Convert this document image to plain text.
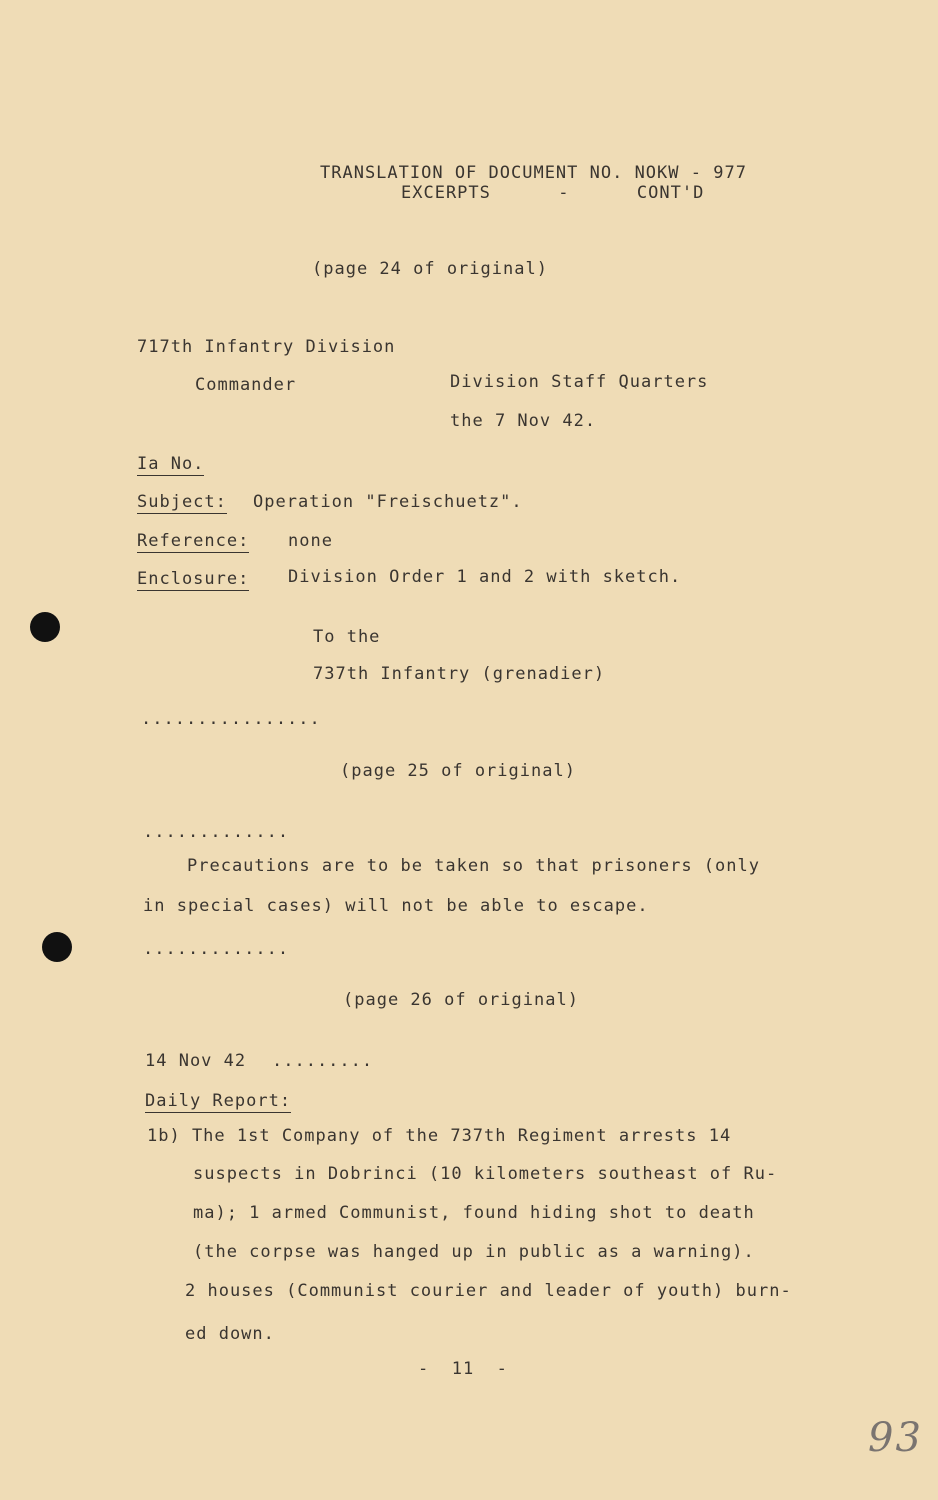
TRANSLATION OF DOCUMENT NO. NOKW - 977
EXCERPTS      -      CONT'D
(page 24 of original)
717th Infantry Division
Commander	Division Staff Quarters
the 7 Nov 42.
Ia No.
Subject: Operation "Freischuetz".
Reference: none
Enclosure: Division Order 1 and 2 with sketch.
To the
737th Infantry (grenadier)
................
(page 25 of original)
.............
Precautions are to be taken so that prisoners (only
in special cases) will not be able to escape.
.............
(page 26 of original)
14 Nov 42 .........
Daily Report:
1b) The 1st Company of the 737th Regiment arrests 14
suspects in Dobrinci (10 kilometers southeast of Ru-
ma); 1 armed Communist, found hiding shot to death
(the corpse was hanged up in public as a warning).
2 houses (Communist courier and leader of youth) burn-
ed down.
-  11  -
93
